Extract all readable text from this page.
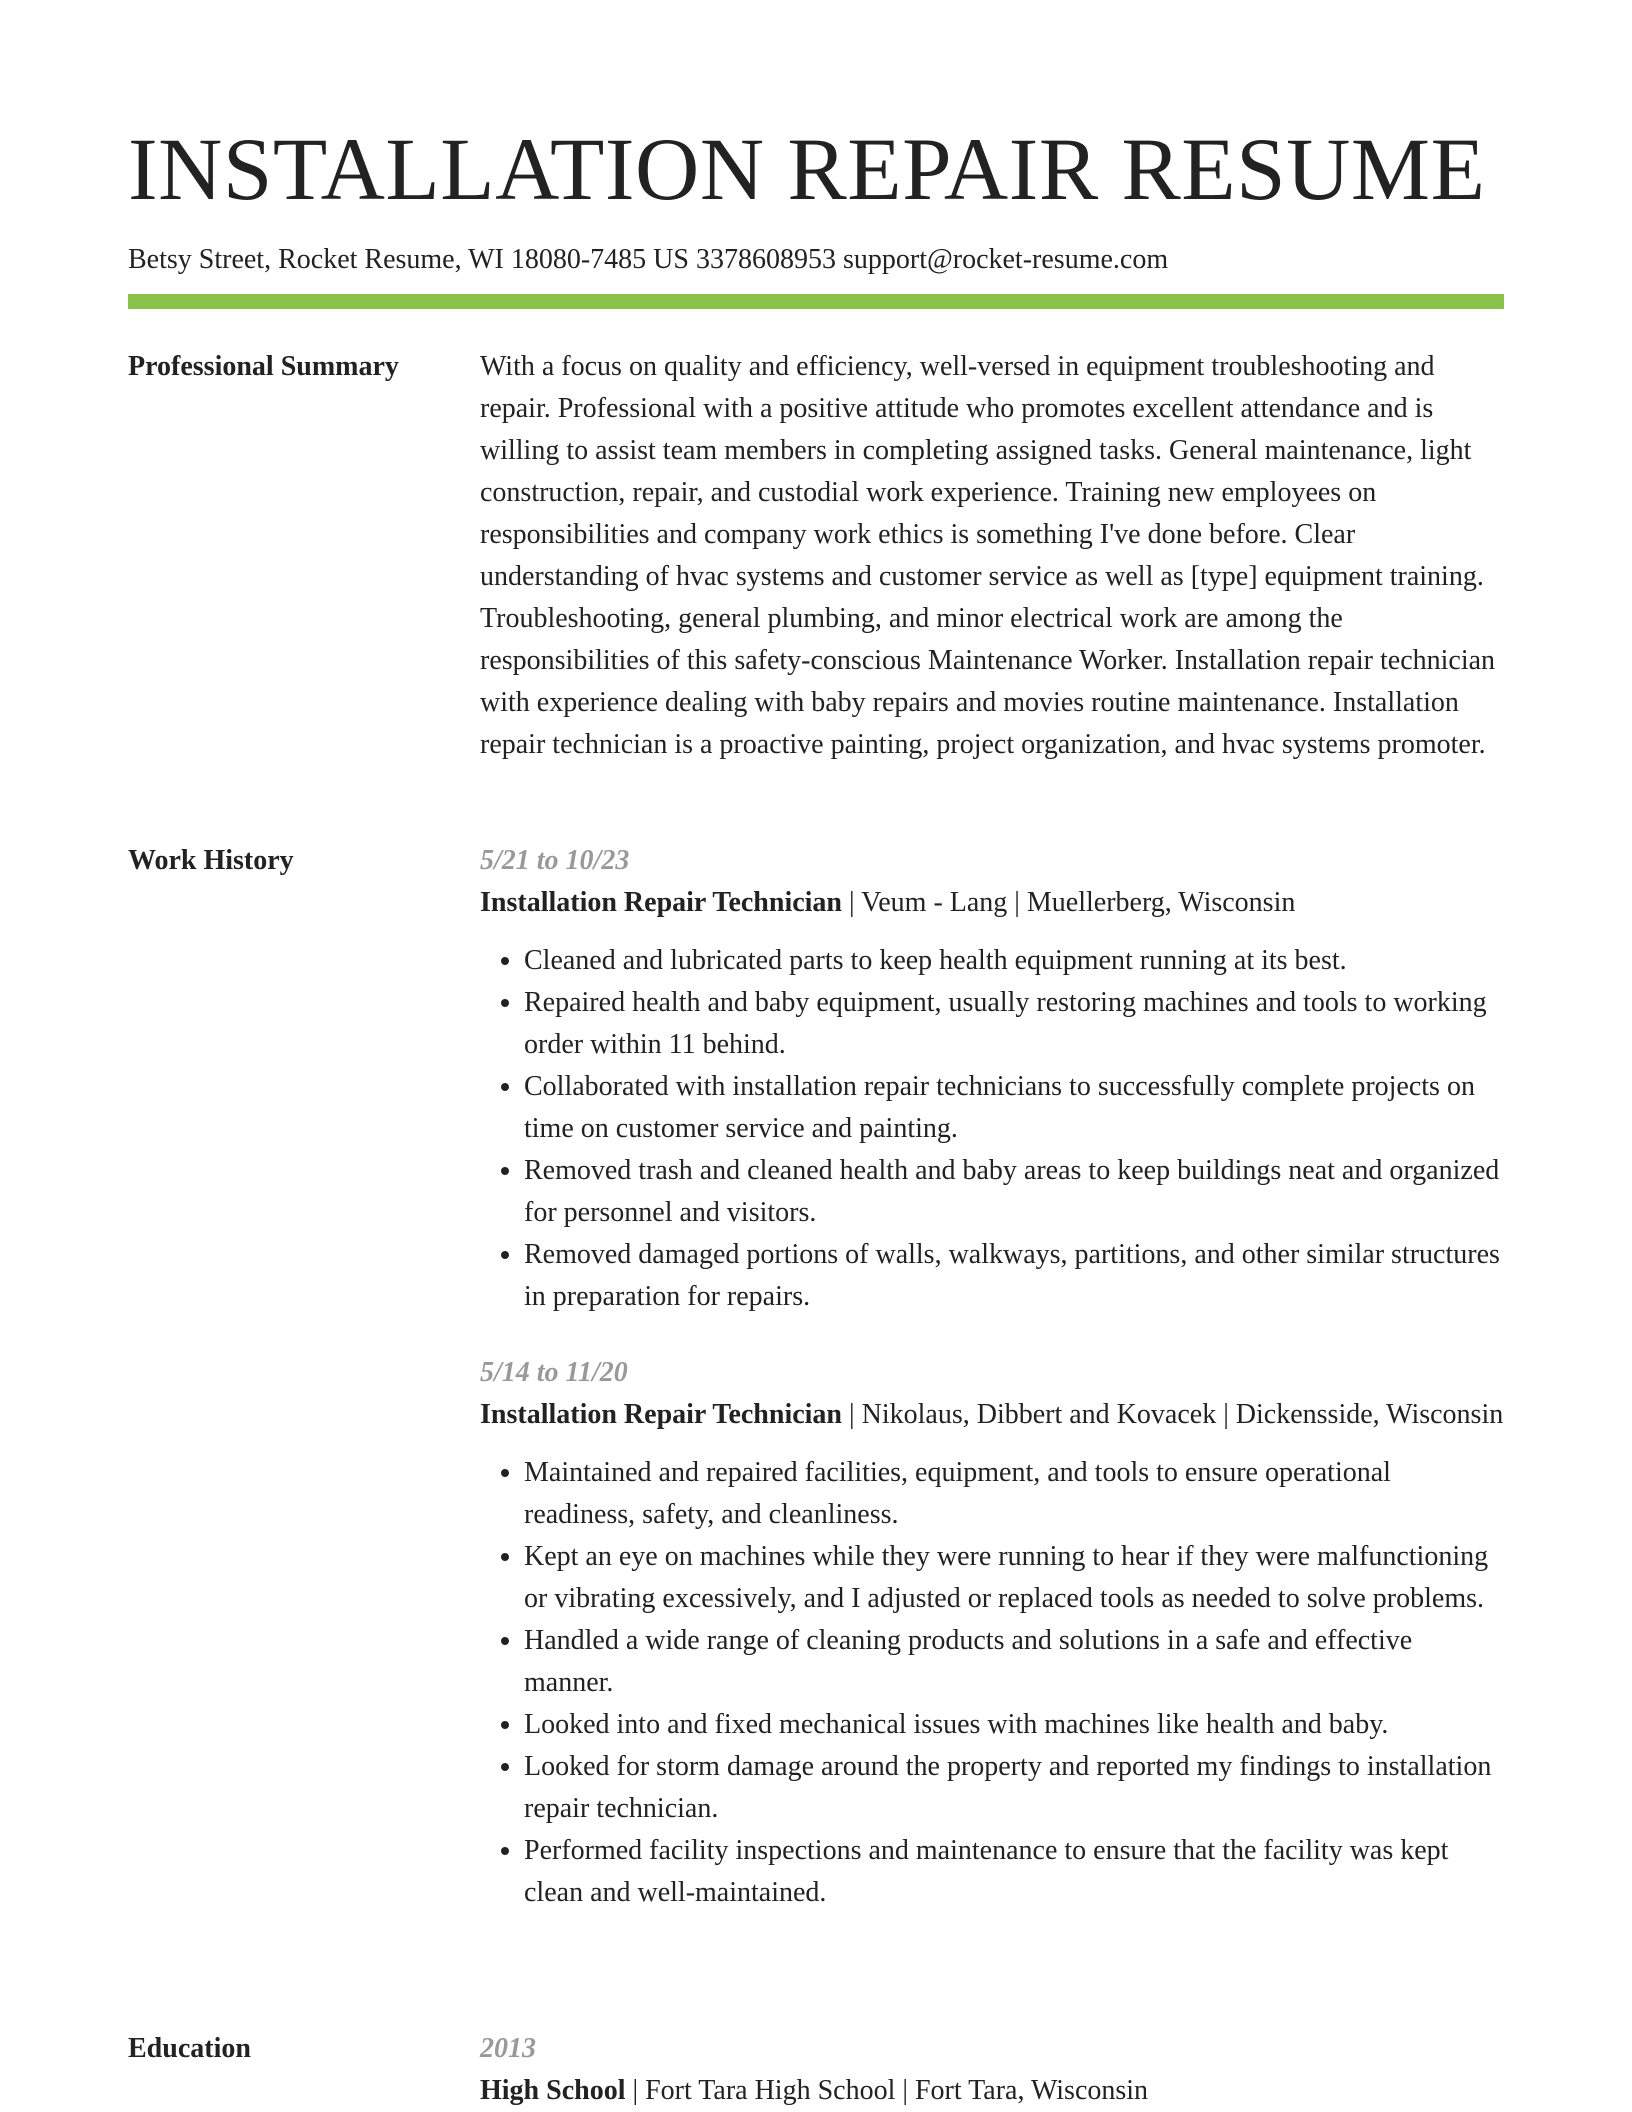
INSTALLATION REPAIR RESUME
Betsy Street, Rocket Resume, WI 18080-7485 US 3378608953 support@rocket-resume.com
Professional Summary	With a focus on quality and efficiency, well-versed in equipment troubleshooting and repair. Professional with a positive attitude who promotes excellent attendance and is willing to assist team members in completing assigned tasks. General maintenance, light construction, repair, and custodial work experience. Training new employees on responsibilities and company work ethics is something I've done before. Clear understanding of hvac systems and customer service as well as [type] equipment training. Troubleshooting, general plumbing, and minor electrical work are among the responsibilities of this safety-conscious Maintenance Worker. Installation repair technician with experience dealing with baby repairs and movies routine maintenance. Installation repair technician is a proactive painting, project organization, and hvac systems promoter.

Work History	5/21 to 10/23

Installation Repair Technician | Veum - Lang | Muellerberg, Wisconsin

• Cleaned and lubricated parts to keep health equipment running at its best.
• Repaired health and baby equipment, usually restoring machines and tools to working order within 11 behind.
• Collaborated with installation repair technicians to successfully complete projects on time on customer service and painting.
• Removed trash and cleaned health and baby areas to keep buildings neat and organized for personnel and visitors.
• Removed damaged portions of walls, walkways, partitions, and other similar structures in preparation for repairs.
5/14 to 11/20

Installation Repair Technician | Nikolaus, Dibbert and Kovacek | Dickensside, Wisconsin

• Maintained and repaired facilities, equipment, and tools to ensure operational readiness, safety, and cleanliness.
• Kept an eye on machines while they were running to hear if they were malfunctioning or vibrating excessively, and I adjusted or replaced tools as needed to solve problems.
• Handled a wide range of cleaning products and solutions in a safe and effective manner.
• Looked into and fixed mechanical issues with machines like health and baby.
• Looked for storm damage around the property and reported my findings to installation repair technician.
• Performed facility inspections and maintenance to ensure that the facility was kept clean and well-maintained.
Education	2013

High School | Fort Tara High School | Fort Tara, Wisconsin
